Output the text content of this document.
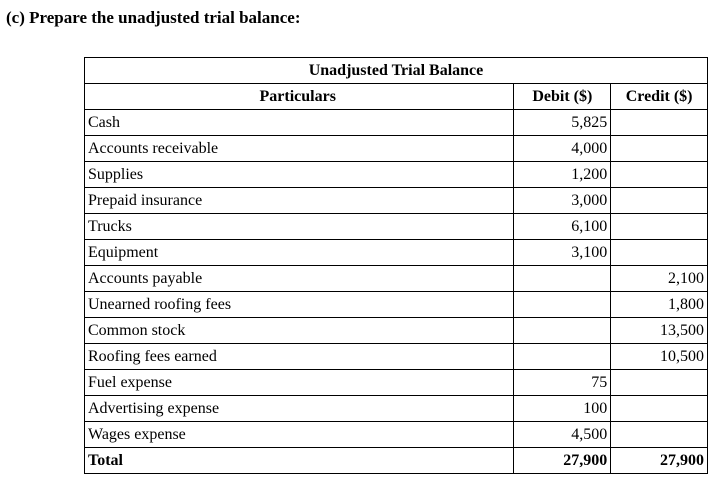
(c) Prepare the unadjusted trial balance:
Unadjusted Trial Balance		
Particulars	Debit ($)	Credit ($)
Cash	5,825	
Accounts receivable	4,000	
Supplies	1,200	
Prepaid insurance	3,000	
Trucks	6,100	
Equipment	3,100	
Accounts payable		2,100
Unearned roofing fees		1,800
Common stock		13,500
Roofing fees earned		10,500
Fuel expense	75	
Advertising expense	100	
Wages expense	4,500	
Total	27,900	27,900
